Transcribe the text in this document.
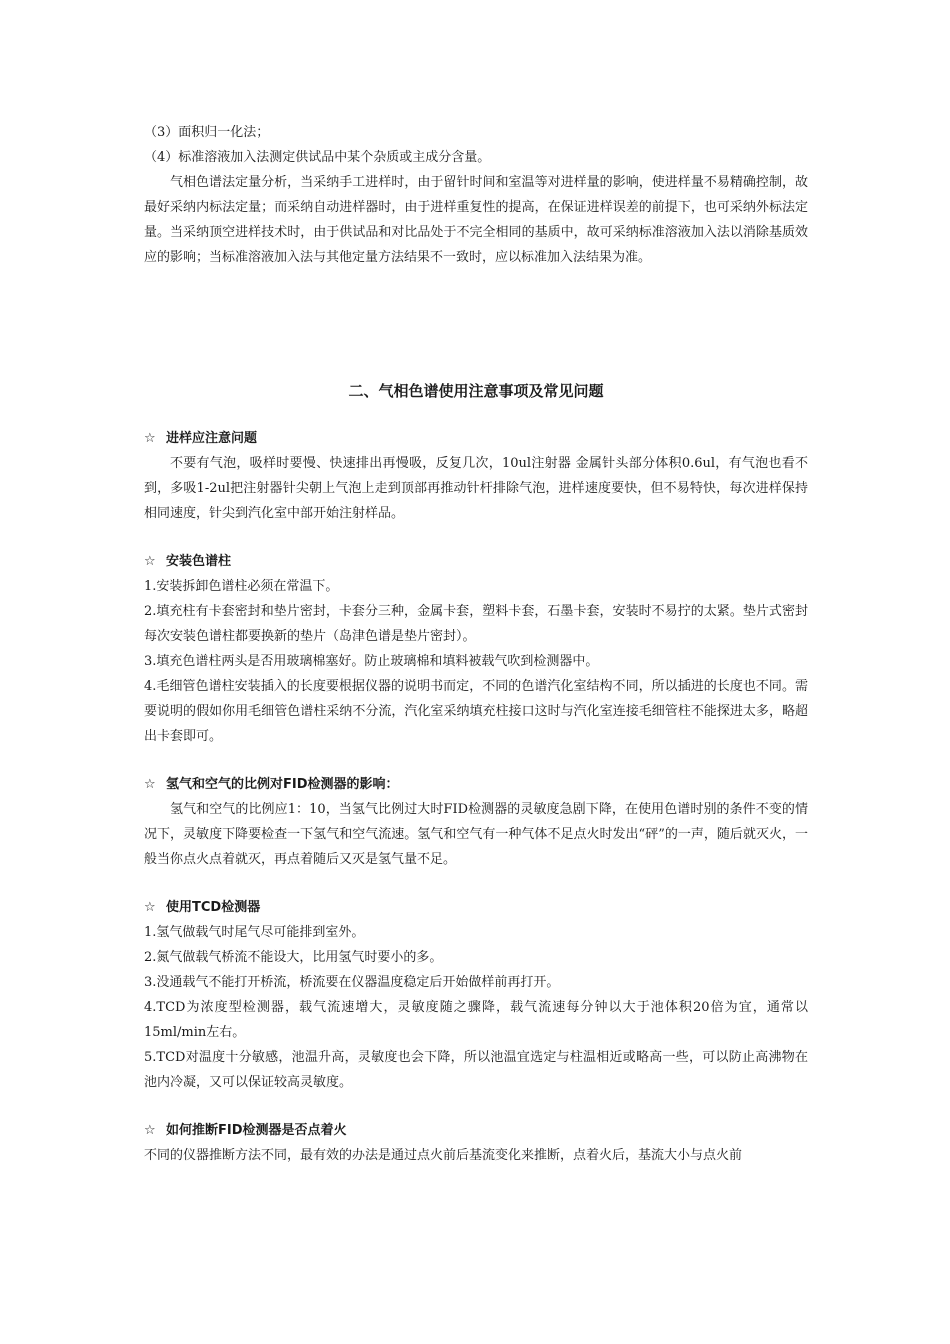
（3）面积归一化法；

（4）标准溶液加入法测定供试品中某个杂质或主成分含量。

气相色谱法定量分析，当采纳手工进样时，由于留针时间和室温等对进样量的影响，使进样量不易精确控制，故最好采纳内标法定量；而采纳自动进样器时，由于进样重复性的提高，在保证进样误差的前提下，也可采纳外标法定量。当采纳顶空进样技术时，由于供试品和对比品处于不完全相同的基质中，故可采纳标准溶液加入法以消除基质效应的影响；当标准溶液加入法与其他定量方法结果不一致时，应以标准加入法结果为准。

二、气相色谱使用注意事项及常见问题
☆ 进样应注意问题

不要有气泡，吸样时要慢、快速排出再慢吸，反复几次，10ul注射器 金属针头部分体积0.6ul，有气泡也看不到，多吸1-2ul把注射器针尖朝上气泡上走到顶部再推动针杆排除气泡，进样速度要快，但不易特快，每次进样保持相同速度，针尖到汽化室中部开始注射样品。

☆ 安装色谱柱

1.安装拆卸色谱柱必须在常温下。

2.填充柱有卡套密封和垫片密封，卡套分三种，金属卡套，塑料卡套，石墨卡套，安装时不易拧的太紧。垫片式密封每次安装色谱柱都要换新的垫片（岛津色谱是垫片密封）。

3.填充色谱柱两头是否用玻璃棉塞好。防止玻璃棉和填料被载气吹到检测器中。

4.毛细管色谱柱安装插入的长度要根据仪器的说明书而定，不同的色谱汽化室结构不同，所以插进的长度也不同。需要说明的假如你用毛细管色谱柱采纳不分流，汽化室采纳填充柱接口这时与汽化室连接毛细管柱不能探进太多，略超出卡套即可。

☆ 氢气和空气的比例对FID检测器的影响：

氢气和空气的比例应1：10，当氢气比例过大时FID检测器的灵敏度急剧下降，在使用色谱时别的条件不变的情况下，灵敏度下降要检查一下氢气和空气流速。氢气和空气有一种气体不足点火时发出“砰”的一声，随后就灭火，一般当你点火点着就灭，再点着随后又灭是氢气量不足。

☆ 使用TCD检测器

1.氢气做载气时尾气尽可能排到室外。

2.氮气做载气桥流不能设大，比用氢气时要小的多。

3.没通载气不能打开桥流，桥流要在仪器温度稳定后开始做样前再打开。

4.TCD为浓度型检测器，载气流速增大，灵敏度随之骤降，载气流速每分钟以大于池体积20倍为宜，通常以15ml/min左右。

5.TCD对温度十分敏感，池温升高，灵敏度也会下降，所以池温宜选定与柱温相近或略高一些，可以防止高沸物在池内冷凝，又可以保证较高灵敏度。

☆ 如何推断FID检测器是否点着火

不同的仪器推断方法不同，最有效的办法是通过点火前后基流变化来推断，点着火后，基流大小与点火前
